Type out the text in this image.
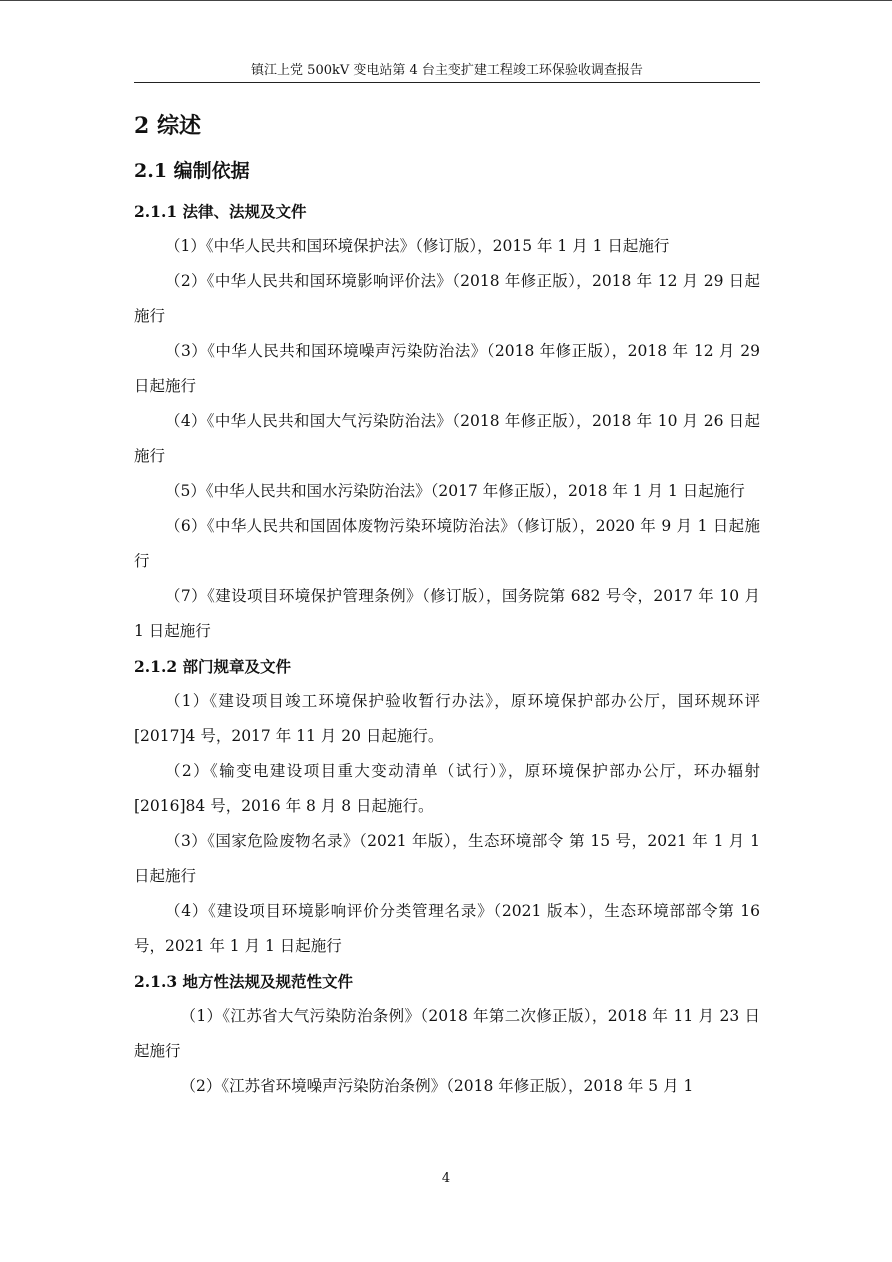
镇江上党 500kV 变电站第 4 台主变扩建工程竣工环保验收调查报告
2 综述
2.1 编制依据
2.1.1 法律、法规及文件

（1）《中华人民共和国环境保护法》（修订版），2015 年 1 月 1 日起施行

（2）《中华人民共和国环境影响评价法》（2018 年修正版），2018 年 12 月 29 日起施行

（3）《中华人民共和国环境噪声污染防治法》（2018 年修正版），2018 年 12 月 29 日起施行

（4）《中华人民共和国大气污染防治法》（2018 年修正版），2018 年 10 月 26 日起施行

（5）《中华人民共和国水污染防治法》（2017 年修正版），2018 年 1 月 1 日起施行

（6）《中华人民共和国固体废物污染环境防治法》（修订版），2020 年 9 月 1 日起施行

（7）《建设项目环境保护管理条例》（修订版），国务院第 682 号令，2017 年 10 月 1 日起施行

2.1.2 部门规章及文件

（1）《建设项目竣工环境保护验收暂行办法》，原环境保护部办公厅，国环规环评[2017]4 号，2017 年 11 月 20 日起施行。

（2）《输变电建设项目重大变动清单（试行）》，原环境保护部办公厅，环办辐射[2016]84 号，2016 年 8 月 8 日起施行。

（3）《国家危险废物名录》（2021 年版），生态环境部令 第 15 号，2021 年 1 月 1 日起施行

（4）《建设项目环境影响评价分类管理名录》（2021 版本），生态环境部部令第 16 号，2021 年 1 月 1 日起施行

2.1.3 地方性法规及规范性文件

（1）《江苏省大气污染防治条例》（2018 年第二次修正版），2018 年 11 月 23 日起施行

（2）《江苏省环境噪声污染防治条例》（2018 年修正版），2018 年 5 月 1

4
